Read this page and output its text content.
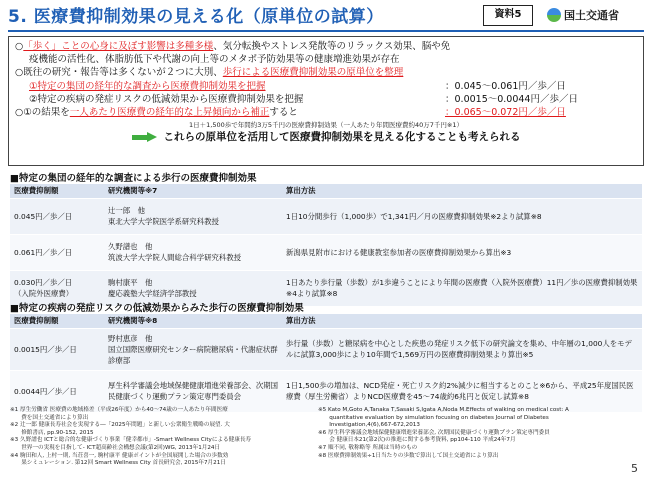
5. 医療費抑制効果の見える化（原単位の試算）	資料5	国土交通省
○「歩く」ことの心身に及ぼす影響は多種多様、気分転換やストレス発散等のリラックス効果、脳や免
疫機能の活性化、体脂肪低下や代謝の向上等のメタボ予防効果等の健康増進効果が存在
○既往の研究・報告等は多くないが２つに大別、歩行による医療費抑制効果の原単位を整理
①特定の集団の経年的な調査から医療費抑制効果を把握	：0.045～0.061円／歩／日
②特定の疾病の発症リスクの低減効果から医療費抑制効果を把握	：0.0015～0.0044円／歩／日
○①の結果を一人あたり医療費の経年的な上昇傾向から補正すると	：0.065～0.072円／歩／日
1日＋1,500歩で年間約3万5千円の医療費抑制効果（一人あたり年間医療費約40万7千円※1）
これらの原単位を活用して医療費抑制効果を見える化することも考えられる
■特定の集団の経年的な調査による歩行の医療費抑制効果
医療費抑制額	研究機関等※7	算出方法
0.045円／歩／日	辻一郎　他
東北大学大学院医学系研究科教授	1日10分間歩行（1,000歩）で1,341円／月の医療費抑制効果※2より試算※8
0.061円／歩／日	久野譜也　他
筑波大学大学院人間総合科学研究科教授	新潟県見附市における健康教室参加者の医療費抑制効果から算出※3
0.030円／歩／日
（入院外医療費）	駒村康平　他
慶応義塾大学経済学部教授	1日あたり歩行量（歩数）が1歩違うことにより年間の医療費（入院外医療費）11円／歩の医療費抑制効果※4より試算※8
■特定の疾病の発症リスクの低減効果からみた歩行の医療費抑制効果
医療費抑制額	研究機関等※8	算出方法
0.0015円／歩／日	野村恵彦　他
国立国際医療研究センター病院糖尿病・代謝症状群診療部	歩行量（歩数）と糖尿病を中心とした疾患の発症リスク低下の研究論文を集め、中年層の1,000人をモデルに試算3,000歩により10年間で1,569万円の医療費抑制効果より算出※5
0.0044円／歩／日	厚生科学審議会地域保健健康増進栄養部会、次期国民健康づくり運動プラン策定専門委員会	1日1,500歩の増加は、NCD発症・死亡リスク約2%減少に相当するとのこと※6から、平成25年度国民医療費（厚生労働省）よりNCD医療費を45〜74歳約6兆円と仮定し試算※8
※1 厚生労働省 医療費の地域格差（平成26年度）から40〜74歳の一人あたり年間医療
　　費を国土交通省により算出
※2 辻一郎 健康長寿社会を実現する―「2025年問題」と新しい公衆衛生戦略の展望. 大
　　修館書店, pp.90-152, 2015
※3 久野譜也 ICTと総合的な健康づくり事業「健幸都市」-Smart Wellness Cityによる健康長寿
　　世界一の実現を目指して- ICT超高齢社会構想会議(第2回)WG, 2013年1月24日
※4 駒田和人, 上村一則, 当荘喜一, 駒村康平 健康ポイントが全国展開した場合の歩数効
　　果シミュレーション. 第12回 Smart Wellness City 首長研究会, 2015年7月21日
※5 Kato M,Goto A,Tanaka T,Sasaki S,Igata A,Noda M.Effects of walking on medical cost: A
　　quantitative evaluation by simulation focusing on diabetes Journal of Diabetes
　　Investigation,4(6),667-672,2013
※6 厚生科学審議会地域保健健康増進栄養部会, 次期国民健康づくり運動プラン策定専門委員
　　会 健康日本21(第2次)の推進に関する参考資料, pp104-110 平成24年7月
※7 順不同, 敬称略等 所属は当時のもの
※8 医療費抑制効果÷1日当たりの歩数で算出して国土交通省により算出
5
